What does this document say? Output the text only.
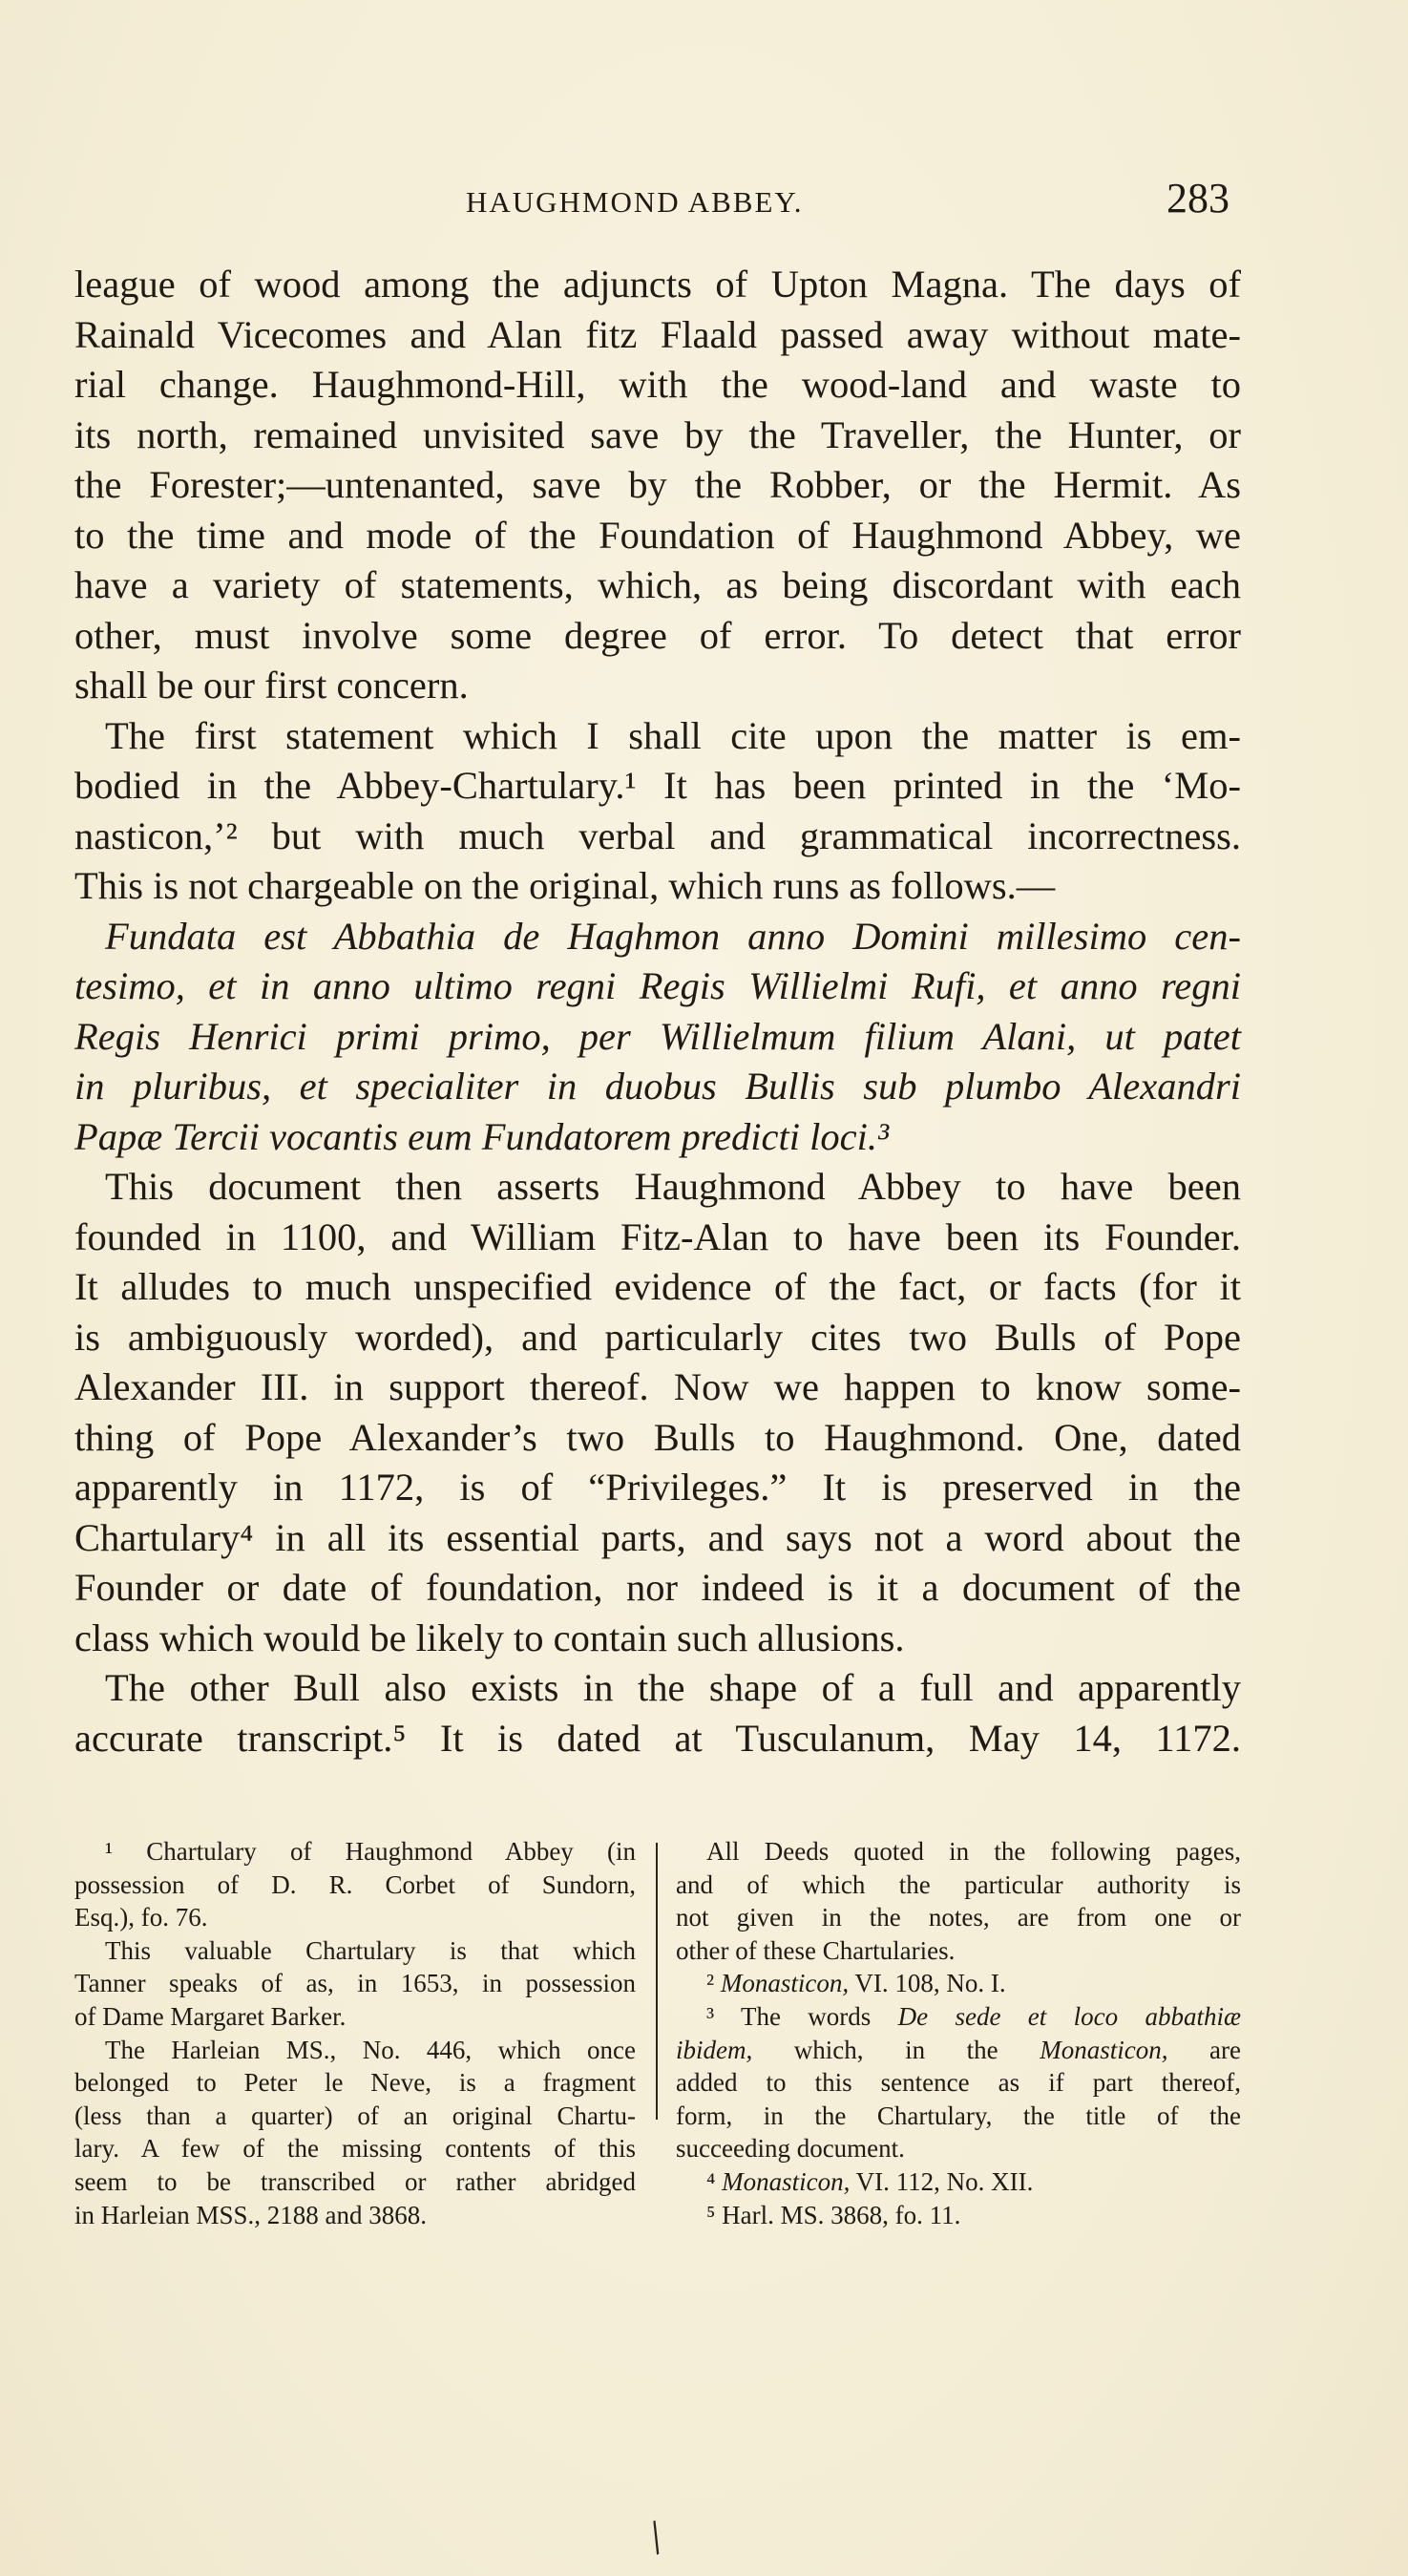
HAUGHMOND ABBEY.	283
league of wood among the adjuncts of Upton Magna. The days of
Rainald Vicecomes and Alan fitz Flaald passed away without mate-
rial change. Haughmond-Hill, with the wood-land and waste to
its north, remained unvisited save by the Traveller, the Hunter, or
the Forester;—untenanted, save by the Robber, or the Hermit. As
to the time and mode of the Foundation of Haughmond Abbey, we
have a variety of statements, which, as being discordant with each
other, must involve some degree of error. To detect that error
shall be our first concern.
The first statement which I shall cite upon the matter is em-
bodied in the Abbey-Chartulary.¹ It has been printed in the ‘Mo-
nasticon,’² but with much verbal and grammatical incorrectness.
This is not chargeable on the original, which runs as follows.—
Fundata est Abbathia de Haghmon anno Domini millesimo cen-
tesimo, et in anno ultimo regni Regis Willielmi Rufi, et anno regni
Regis Henrici primi primo, per Willielmum filium Alani, ut patet
in pluribus, et specialiter in duobus Bullis sub plumbo Alexandri
Papæ Tercii vocantis eum Fundatorem predicti loci.³
This document then asserts Haughmond Abbey to have been
founded in 1100, and William Fitz-Alan to have been its Founder.
It alludes to much unspecified evidence of the fact, or facts (for it
is ambiguously worded), and particularly cites two Bulls of Pope
Alexander III. in support thereof. Now we happen to know some-
thing of Pope Alexander’s two Bulls to Haughmond. One, dated
apparently in 1172, is of “Privileges.” It is preserved in the
Chartulary⁴ in all its essential parts, and says not a word about the
Founder or date of foundation, nor indeed is it a document of the
class which would be likely to contain such allusions.
The other Bull also exists in the shape of a full and apparently
accurate transcript.⁵ It is dated at Tusculanum, May 14, 1172.
¹ Chartulary of Haughmond Abbey (in
possession of D. R. Corbet of Sundorn,
Esq.), fo. 76.
This valuable Chartulary is that which
Tanner speaks of as, in 1653, in possession
of Dame Margaret Barker.
The Harleian MS., No. 446, which once
belonged to Peter le Neve, is a fragment
(less than a quarter) of an original Chartu-
lary. A few of the missing contents of this
seem to be transcribed or rather abridged
in Harleian MSS., 2188 and 3868.
All Deeds quoted in the following pages,
and of which the particular authority is
not given in the notes, are from one or
other of these Chartularies.
² Monasticon, VI. 108, No. I.
³ The words De sede et loco abbathiæ
ibidem, which, in the Monasticon, are
added to this sentence as if part thereof,
form, in the Chartulary, the title of the
succeeding document.
⁴ Monasticon, VI. 112, No. XII.
⁵ Harl. MS. 3868, fo. 11.
/
